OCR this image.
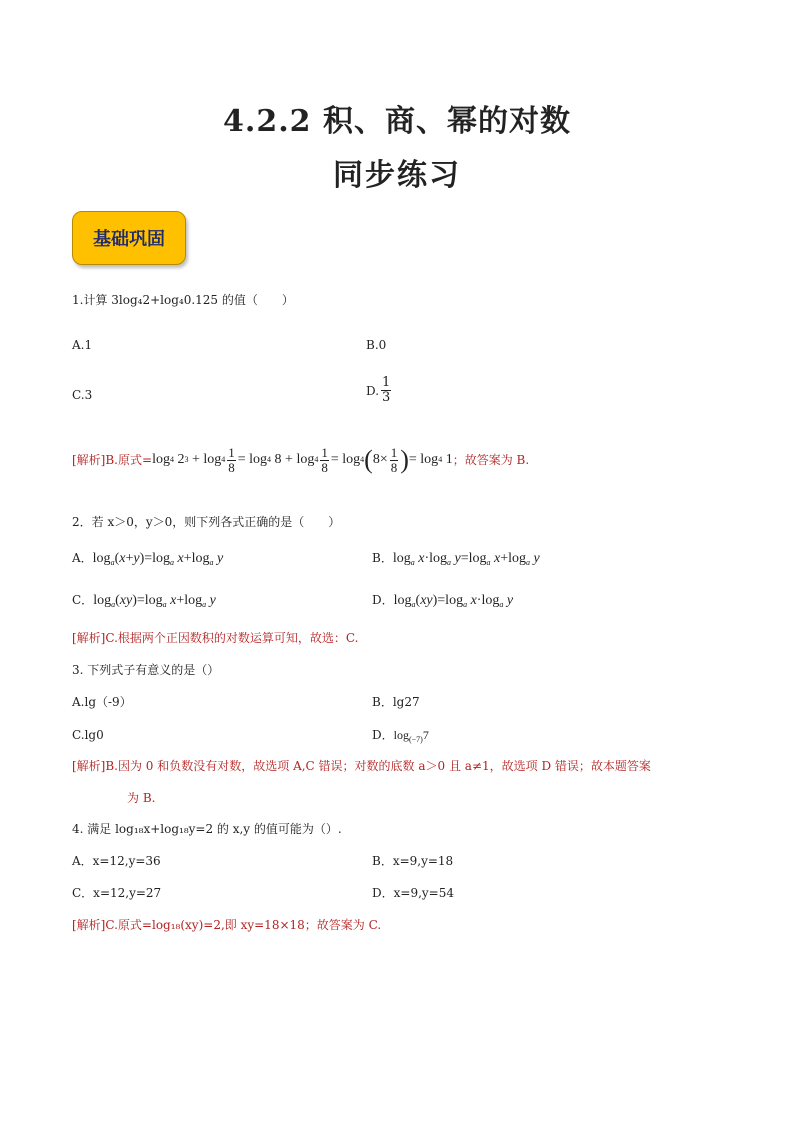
4.2.2 积、商、幂的对数
同步练习
基础巩固
1.计算 3log₄2+log₄0.125 的值（　　）
A.1	B.0
C.3	D. $\frac{1}{3}$
[解析]B.原式= log 4 2 $3 + \log 4 \frac{1}{8} = \log 4$ $8 + \log 4 \frac{1}{8} = \log 4$ ( $8\times \frac{1}{8}$ ) = log 4 1 ；故答案为 B.
2．若 x＞0，y＞0，则下列各式正确的是（　　）
A．$\log_a(x+y)=\log_a$ $x+\log_a$ y	B．$\log_a x\cdot\log_a$ $y=\log_a$ $x+\log_a$ y
C．$\log_a(xy)=\log_a$ $x+\log_a$ y	D．$\log_a(xy)=\log_a$ $x\cdot\log_a$ y
[解析]C.根据两个正因数积的对数运算可知，故选：C.
3. 下列式子有意义的是（）
A.lg（-9）	B．lg27
C.lg0	D．$\log_{(-7)}7$
[解析]B.因为 0 和负数没有对数，故选项 A,C 错误；对数的底数 a＞0 且 a≠1，故选项 D 错误；故本题答案
为 B.
4. 满足 log₁₈x+log₁₈y=2 的 x,y 的值可能为（）.
A．x=12,y=36	B．x=9,y=18
C．x=12,y=27	D．x=9,y=54
[解析]C.原式=log₁₈(xy)=2,即 xy=18×18；故答案为 C.
